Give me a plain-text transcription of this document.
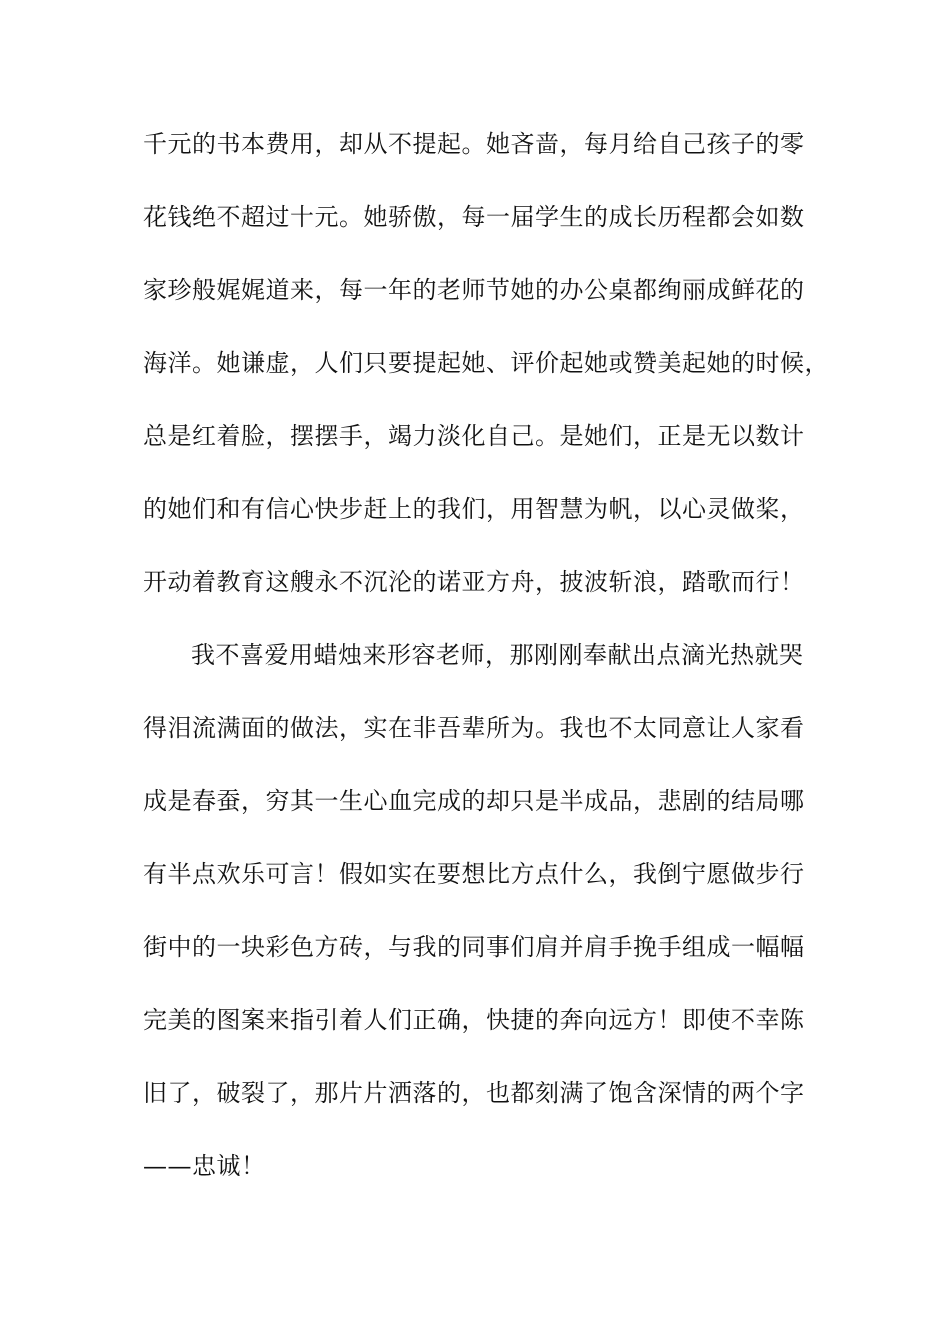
千元的书本费用，却从不提起。她吝啬，每月给自己孩子的零
花钱绝不超过十元。她骄傲，每一届学生的成长历程都会如数
家珍般娓娓道来，每一年的老师节她的办公桌都绚丽成鲜花的
海洋。她谦虚，人们只要提起她、评价起她或赞美起她的时候，
总是红着脸，摆摆手，竭力淡化自己。是她们，正是无以数计
的她们和有信心快步赶上的我们，用智慧为帆，以心灵做桨，
开动着教育这艘永不沉沦的诺亚方舟，披波斩浪，踏歌而行！
我不喜爱用蜡烛来形容老师，那刚刚奉献出点滴光热就哭
得泪流满面的做法，实在非吾辈所为。我也不太同意让人家看
成是春蚕，穷其一生心血完成的却只是半成品，悲剧的结局哪
有半点欢乐可言！假如实在要想比方点什么，我倒宁愿做步行
街中的一块彩色方砖，与我的同事们肩并肩手挽手组成一幅幅
完美的图案来指引着人们正确，快捷的奔向远方！即使不幸陈
旧了，破裂了，那片片洒落的，也都刻满了饱含深情的两个字
——忠诚！
